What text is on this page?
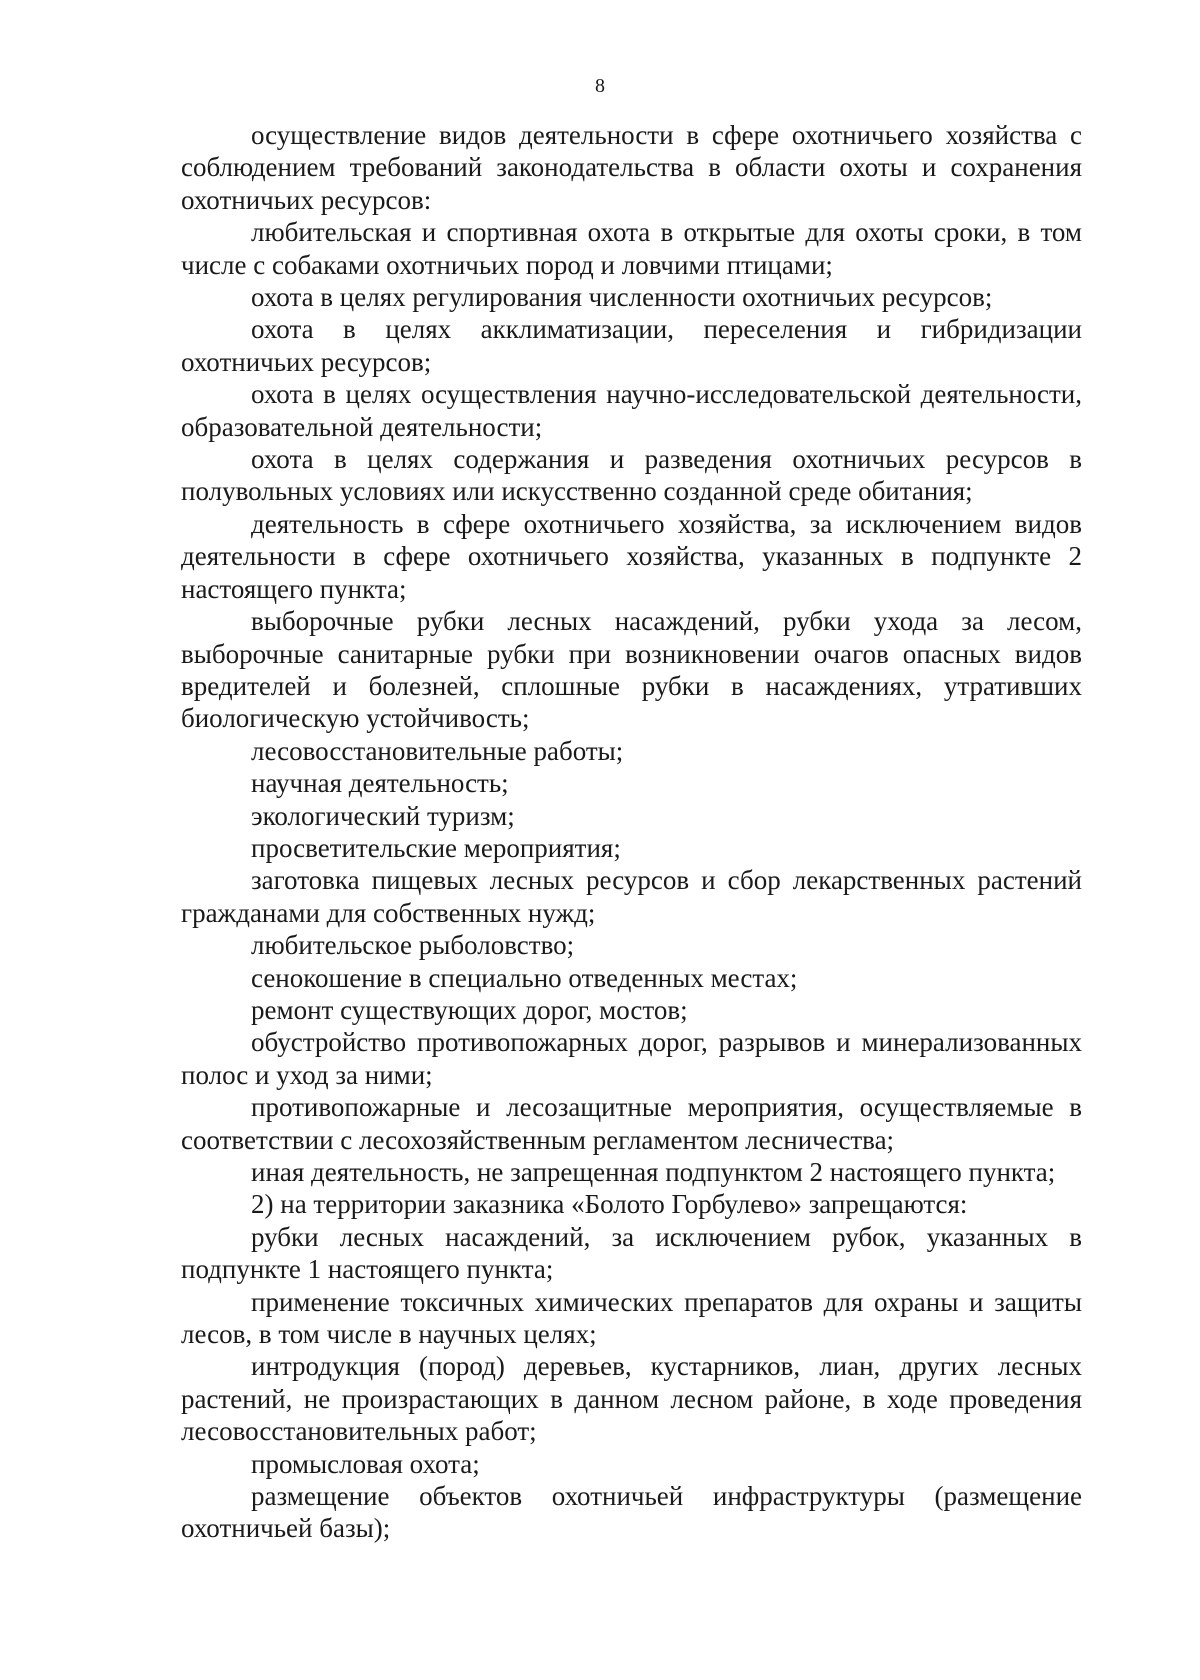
8

осуществление видов деятельности в сфере охотничьего хозяйства с соблюдением требований законодательства в области охоты и сохранения охотничьих ресурсов:

любительская и спортивная охота в открытые для охоты сроки, в том числе с собаками охотничьих пород и ловчими птицами;

охота в целях регулирования численности охотничьих ресурсов;

охота в целях акклиматизации, переселения и гибридизации охотничьих ресурсов;

охота в целях осуществления научно-исследовательской деятельности, образовательной деятельности;

охота в целях содержания и разведения охотничьих ресурсов в полувольных условиях или искусственно созданной среде обитания;

деятельность в сфере охотничьего хозяйства, за исключением видов деятельности в сфере охотничьего хозяйства, указанных в подпункте 2 настоящего пункта;

выборочные рубки лесных насаждений, рубки ухода за лесом, выборочные санитарные рубки при возникновении очагов опасных видов вредителей и болезней, сплошные рубки в насаждениях, утративших биологическую устойчивость;

лесовосстановительные работы;

научная деятельность;

экологический туризм;

просветительские мероприятия;

заготовка пищевых лесных ресурсов и сбор лекарственных растений гражданами для собственных нужд;

любительское рыболовство;

сенокошение в специально отведенных местах;

ремонт существующих дорог, мостов;

обустройство противопожарных дорог, разрывов и минерализованных полос и уход за ними;

противопожарные и лесозащитные мероприятия, осуществляемые в соответствии с лесохозяйственным регламентом лесничества;

иная деятельность, не запрещенная подпунктом 2 настоящего пункта;

2) на территории заказника «Болото Горбулево» запрещаются:

рубки лесных насаждений, за исключением рубок, указанных в подпункте 1 настоящего пункта;

применение токсичных химических препаратов для охраны и защиты лесов, в том числе в научных целях;

интродукция (пород) деревьев, кустарников, лиан, других лесных растений, не произрастающих в данном лесном районе, в ходе проведения лесовосстановительных работ;

промысловая охота;

размещение объектов охотничьей инфраструктуры (размещение охотничьей базы);
